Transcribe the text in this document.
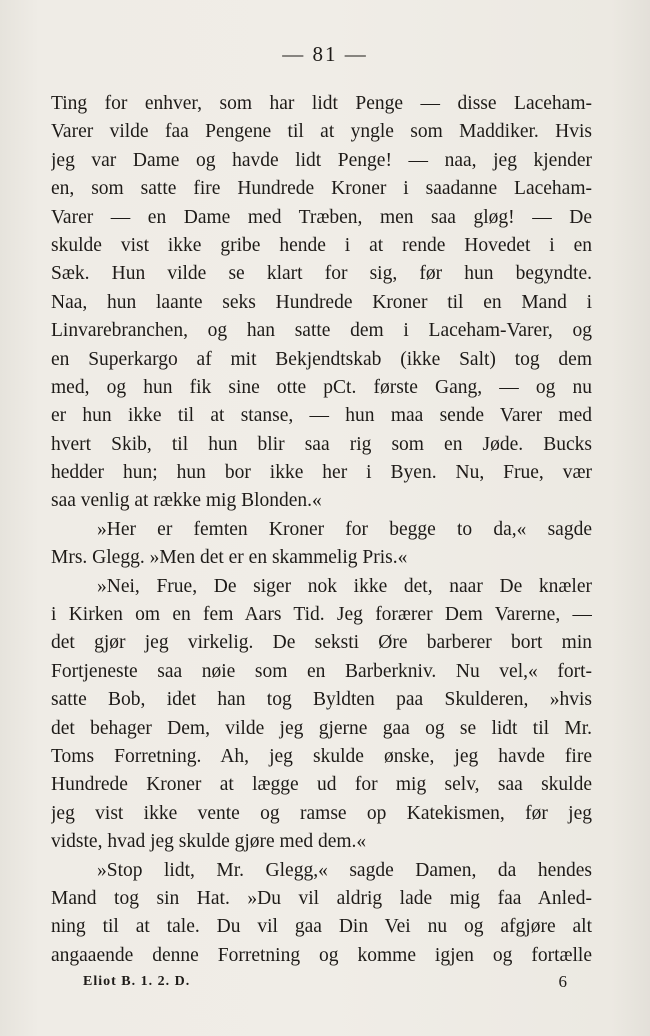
— 81 —
Ting for enhver, som har lidt Penge — disse Laceham-
Varer vilde faa Pengene til at yngle som Maddiker. Hvis
jeg var Dame og havde lidt Penge! — naa, jeg kjender
en, som satte fire Hundrede Kroner i saadanne Laceham-
Varer — en Dame med Træben, men saa gløg! — De
skulde vist ikke gribe hende i at rende Hovedet i en
Sæk. Hun vilde se klart for sig, før hun begyndte.
Naa, hun laante seks Hundrede Kroner til en Mand i
Linvarebranchen, og han satte dem i Laceham-Varer, og
en Superkargo af mit Bekjendtskab (ikke Salt) tog dem
med, og hun fik sine otte pCt. første Gang, — og nu
er hun ikke til at stanse, — hun maa sende Varer med
hvert Skib, til hun blir saa rig som en Jøde. Bucks
hedder hun; hun bor ikke her i Byen. Nu, Frue, vær
saa venlig at række mig Blonden.«
»Her er femten Kroner for begge to da,« sagde
Mrs. Glegg. »Men det er en skammelig Pris.«
»Nei, Frue, De siger nok ikke det, naar De knæler
i Kirken om en fem Aars Tid. Jeg forærer Dem Varerne, —
det gjør jeg virkelig. De seksti Øre barberer bort min
Fortjeneste saa nøie som en Barberkniv. Nu vel,« fort-
satte Bob, idet han tog Byldten paa Skulderen, »hvis
det behager Dem, vilde jeg gjerne gaa og se lidt til Mr.
Toms Forretning. Ah, jeg skulde ønske, jeg havde fire
Hundrede Kroner at lægge ud for mig selv, saa skulde
jeg vist ikke vente og ramse op Katekismen, før jeg
vidste, hvad jeg skulde gjøre med dem.«
»Stop lidt, Mr. Glegg,« sagde Damen, da hendes
Mand tog sin Hat. »Du vil aldrig lade mig faa Anled-
ning til at tale. Du vil gaa Din Vei nu og afgjøre alt
angaaende denne Forretning og komme igjen og fortælle
Eliot B. 1. 2. D.	6
